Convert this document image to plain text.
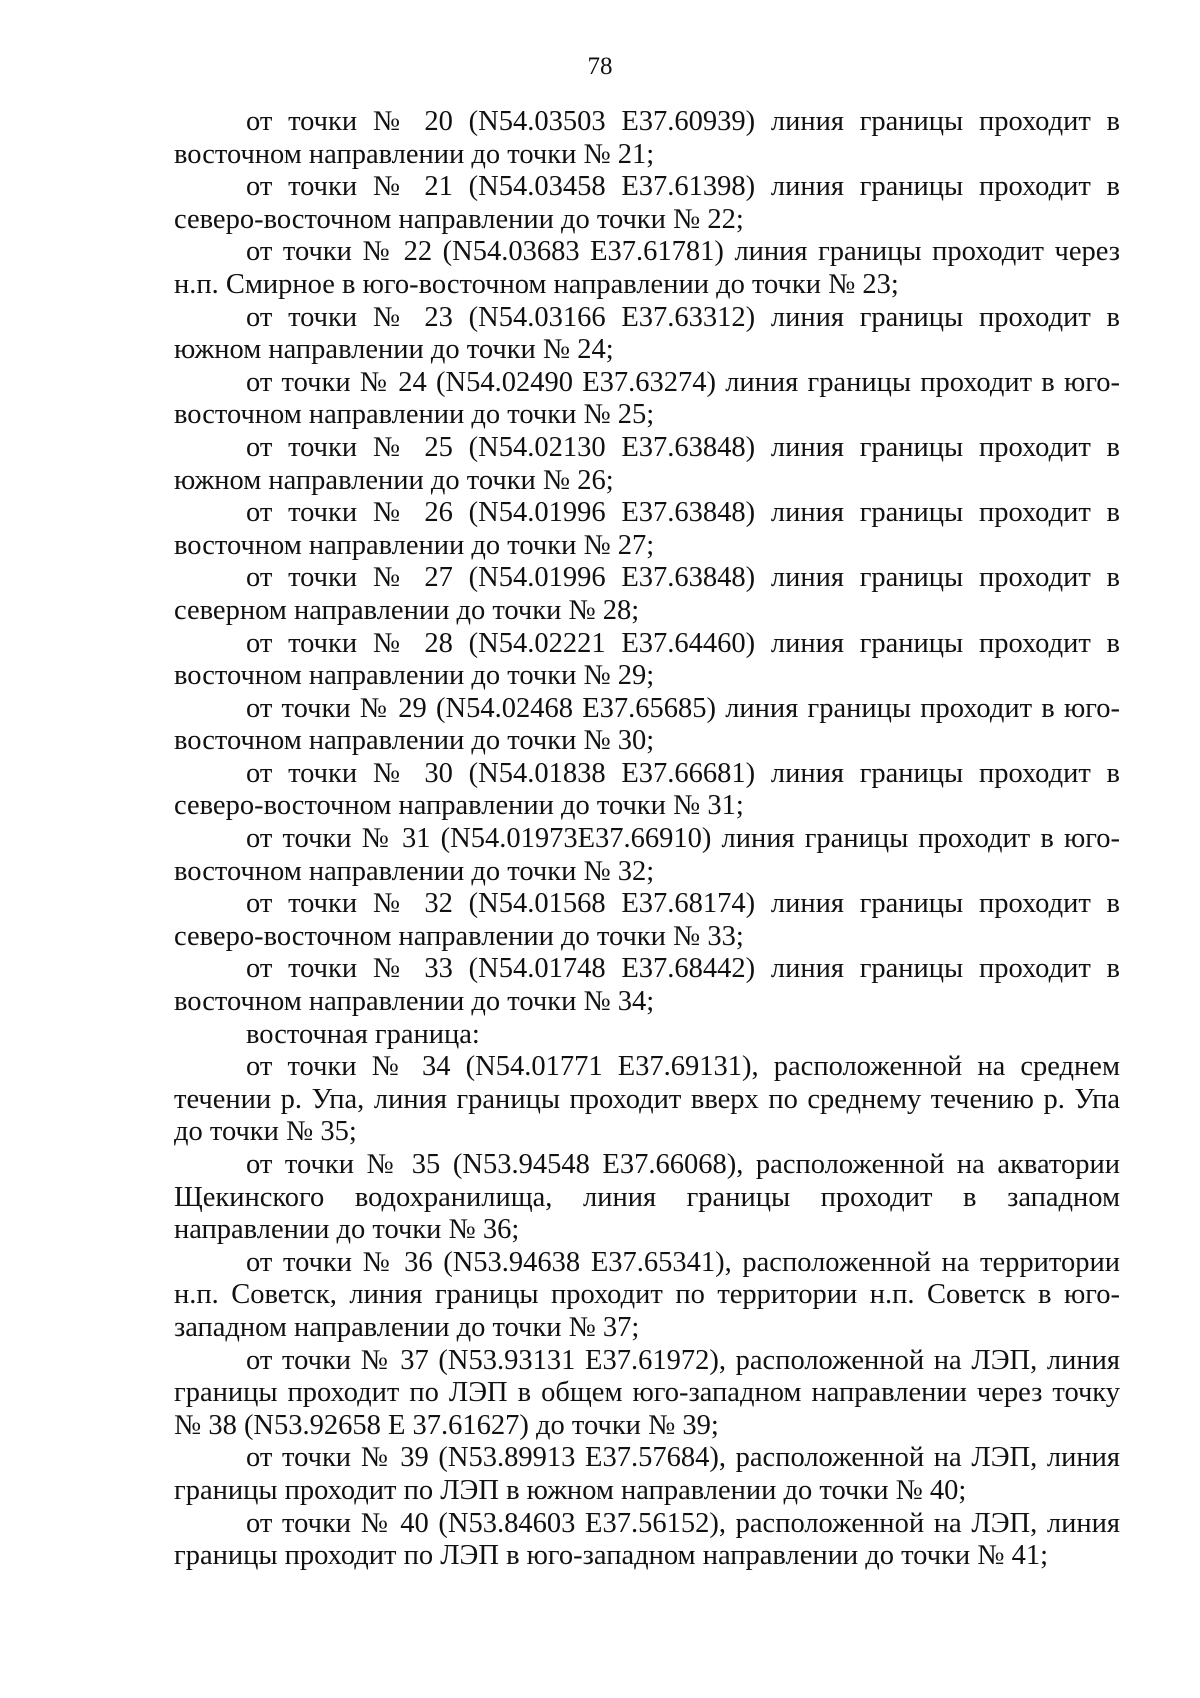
78

от точки № 20 (N54.03503 E37.60939) линия границы проходит в восточном направлении до точки № 21;

от точки № 21 (N54.03458 E37.61398) линия границы проходит в северо-восточном направлении до точки № 22;

от точки № 22 (N54.03683 E37.61781) линия границы проходит через н.п. Смирное в юго-восточном направлении до точки № 23;

от точки № 23 (N54.03166 E37.63312) линия границы проходит в южном направлении до точки № 24;

от точки № 24 (N54.02490 E37.63274) линия границы проходит в юго-восточном направлении до точки № 25;

от точки № 25 (N54.02130 E37.63848) линия границы проходит в южном направлении до точки № 26;

от точки № 26 (N54.01996 E37.63848) линия границы проходит в восточном направлении до точки № 27;

от точки № 27 (N54.01996 E37.63848) линия границы проходит в северном направлении до точки № 28;

от точки № 28 (N54.02221 E37.64460) линия границы проходит в восточном направлении до точки № 29;

от точки № 29 (N54.02468 E37.65685) линия границы проходит в юго-восточном направлении до точки № 30;

от точки № 30 (N54.01838 E37.66681) линия границы проходит в северо-восточном направлении до точки № 31;

от точки № 31 (N54.01973E37.66910) линия границы проходит в юго-восточном направлении до точки № 32;

от точки № 32 (N54.01568 E37.68174) линия границы проходит в северо-восточном направлении до точки № 33;

от точки № 33 (N54.01748 E37.68442) линия границы проходит в восточном направлении до точки № 34;

восточная граница:

от точки № 34 (N54.01771 E37.69131), расположенной на среднем течении р. Упа, линия границы проходит вверх по среднему течению р. Упа до точки № 35;

от точки № 35 (N53.94548 E37.66068), расположенной на акватории Щекинского водохранилища, линия границы проходит в западном направлении до точки № 36;

от точки № 36 (N53.94638 E37.65341), расположенной на территории н.п. Советск, линия границы проходит по территории н.п. Советск в юго-западном направлении до точки № 37;

от точки № 37 (N53.93131 E37.61972), расположенной на ЛЭП, линия границы проходит по ЛЭП в общем юго-западном направлении через точку № 38 (N53.92658 E 37.61627) до точки № 39;

от точки № 39 (N53.89913 E37.57684), расположенной на ЛЭП, линия границы проходит по ЛЭП в южном направлении до точки № 40;

от точки № 40 (N53.84603 E37.56152), расположенной на ЛЭП, линия границы проходит по ЛЭП в юго-западном направлении до точки № 41;
